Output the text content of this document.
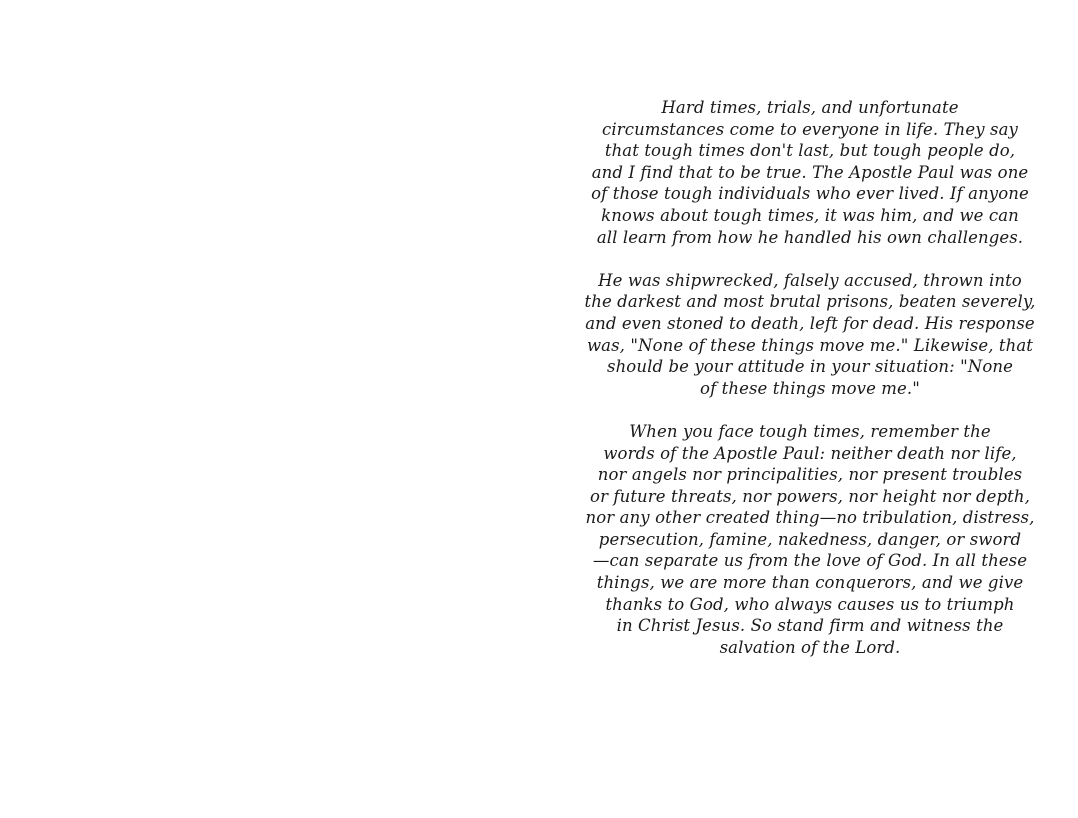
Hard times, trials, and unfortunate
circumstances come to everyone in life. They say
that tough times don't last, but tough people do,
and I find that to be true. The Apostle Paul was one
of those tough individuals who ever lived. If anyone
knows about tough times, it was him, and we can
all learn from how he handled his own challenges.

He was shipwrecked, falsely accused, thrown into
the darkest and most brutal prisons, beaten severely,
and even stoned to death, left for dead. His response
was, "None of these things move me." Likewise, that
should be your attitude in your situation: "None
of these things move me."

When you face tough times, remember the
words of the Apostle Paul: neither death nor life,
nor angels nor principalities, nor present troubles
or future threats, nor powers, nor height nor depth,
nor any other created thing—no tribulation, distress,
persecution, famine, nakedness, danger, or sword
—can separate us from the love of God. In all these
things, we are more than conquerors, and we give
thanks to God, who always causes us to triumph
in Christ Jesus. So stand firm and witness the
salvation of the Lord.
